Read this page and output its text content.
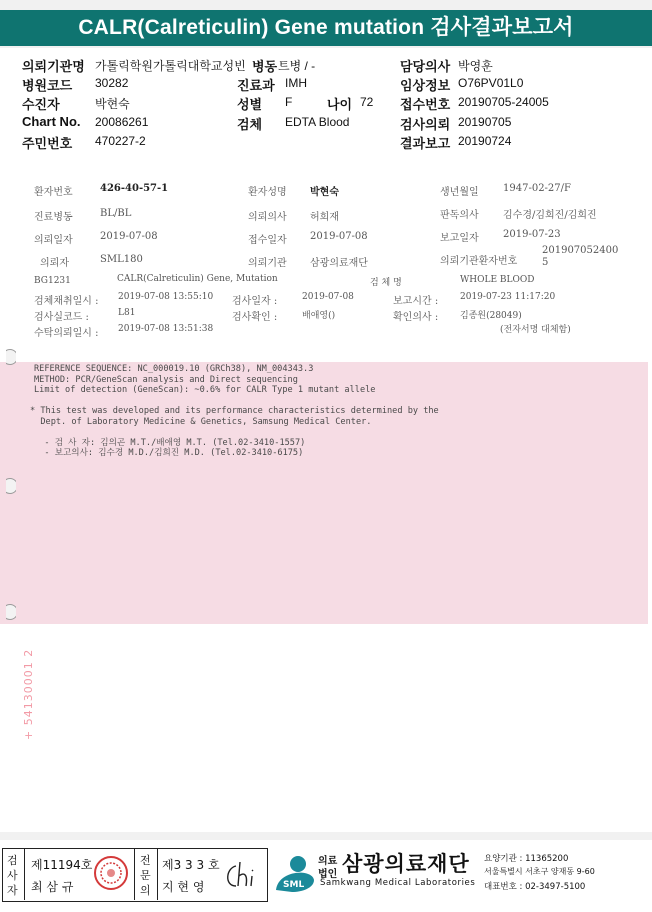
CALR(Calreticulin) Gene mutation 검사결과보고서
의뢰기관명 가톨릭학원가톨릭대학교성빈 병동 트병 / -	담당의사 박영훈
병원코드 30282	진료과 IMH	임상정보 O76PV01L0
수진자	박현숙	성별 F	나이 72 접수번호 20190705-24005
Chart No. 20086261	검체 EDTA Blood	검사의뢰 20190705
주민번호 470227-2	결과보고 20190724
환자번호	426-40-57-1	환자성명 박현숙	생년월일 1947-02-27/F
진료병동	BL/BL	의뢰의사 허희재	판독의사 김수경/김희진/김희진
의뢰일자	2019-07-08	접수일자 2019-07-08	보고일자 2019-07-23
의뢰자	SML180	의뢰기관 삼광의료재단	의뢰기관환자번호
201907052400
5
BG1231	CALR(Calreticulin) Gene, Mutation	검 체 명	WHOLE BLOOD
검체채취일시 : 2019-07-08 13:55:10 검사일자 :	2019-07-08	보고시간 : 2019-07-23 11:17:20
검사실코드 :	L81	검사확인 :	배애영()	확인의사 : 김종원(28049)
수탁의뢰일시 : 2019-07-08 13:51:38	(전자서명 대체함)
REFERENCE SEQUENCE: NC_000019.10 (GRCh38), NM_004343.3
METHOD: PCR/GeneScan analysis and Direct sequencing
Limit of detection (GeneScan): ~0.6% for CALR Type 1 mutant allele
* This test was developed and its performance characteristics determined by the
Dept. of Laboratory Medicine & Genetics, Samsung Medical Center.
- 검 사 자: 김의곤 M.T./배애영 M.T. (Tel.02-3410-1557)
- 보고의사: 김수경 M.D./김희진 M.D. (Tel.02-3410-6175)
+ 54130001 2
검
사
자
제11194호
최 삼 규
전
문
의
제3 3 3 호
지 현 영	SML
의료
법인 삼광의료재단
Samkwang Medical Laboratories
요양기관 : 11365200
서울특별시 서초구 양재동 9-60
대표번호 : 02-3497-5100
